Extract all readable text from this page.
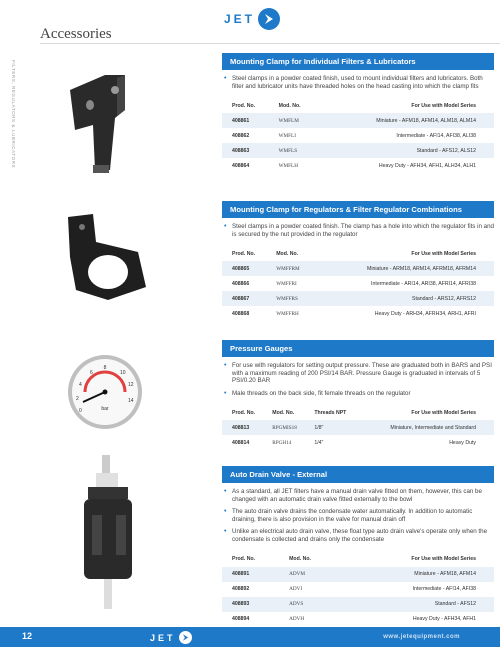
Accessories
JET
FILTERS, REGULATORS & LUBRICATORS
bar
0
2
4
6
8
10
12
14
Mounting Clamp for Individual Filters & Lubricators
• Steel clamps in a powder coated finish, used to mount individual filters and lubricators. Both filter and lubricator units have threaded holes on the head casting into which the clamp fits
Prod. No.	Mod. No.	For Use with Model Series
408861	WMFLM	Miniature - AFM18, AFM14, ALM18, ALM14
408862	WMFLI	Intermediate - AFI14, AFI38, ALI38
408863	WMFLS	Standard - AFS12, ALS12
408864	WMFLH	Heavy Duty - AFH34, AFH1, ALH34, ALH1
Mounting Clamp for Regulators & Filter Regulator Combinations
• Steel clamps in a powder coated finish. The clamp has a hole into which the regulator fits in and is secured by the nut provided in the regulator
Prod. No.	Mod. No.	For Use with Model Series
408865	WMFFRM	Miniature - ARM18, ARM14, AFRM18, AFRM14
408866	WMFFRI	Intermediate - ARI14, ARI38, AFRI14, AFRI38
408867	WMFFRS	Standard - ARS12, AFRS12
408868	WMFFRH	Heavy Duty - ARH34, AFRH34, ARH1, AFRI
Pressure Gauges
• For use with regulators for setting output pressure. These are graduated both in BARS and PSI with a maximum reading of 200 PSI/14 BAR. Pressure Gauge is graduated in intervals of 5 PSI/0.20 BAR
• Male threads on the back side, fit female threads on the regulator
Prod. No.	Mod. No.	Threads NPT	For Use with Model Series
408813	RPGMIS18	1/8"	Miniature, Intermediate and Standard
408814	RPGH14	1/4"	Heavy Duty
Auto Drain Valve - External
• As a standard, all JET filters have a manual drain valve fitted on them, however, this can be changed with an automatic drain valve fitted externally to the bowl
• The auto drain valve drains the condensate water automatically. In addition to automatic draining, there is also provision in the valve for manual drain off
• Unlike an electrical auto drain valve, these float type auto drain valve's operate only when the condensate is collected and drains only the condensate
Prod. No.	Mod. No.	For Use with Model Series
408891	ADVM	Miniature - AFM18, AFM14
408892	ADVI	Intermediate - AFI14, AFI38
408893	ADVS	Standard - AFS12
408894	ADVH	Heavy Duty - AFH34, AFH1
12	JET	www.jetequipment.com
